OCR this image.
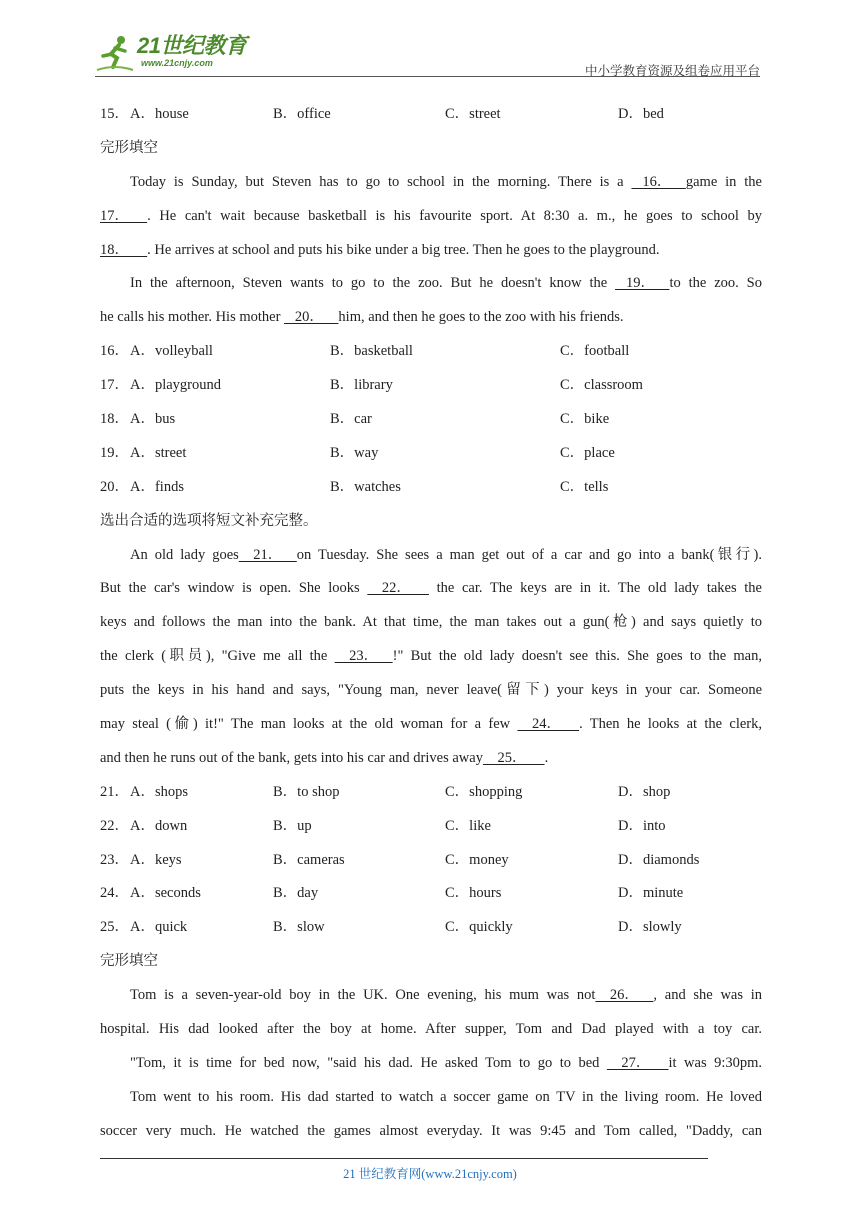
21世纪教育
www.21cnjy.com
中小学教育资源及组卷应用平台
15． A．house	B．office	C．street	D．bed
完形填空
Today is Sunday, but Steven has to go to school in the morning. There is a    16．    game in the
17．     . He can't wait because basketball is his favourite sport. At 8:30 a. m., he goes to school by
18．     . He arrives at school and puts his bike under a big tree. Then he goes to the playground.
In the afternoon, Steven wants to go to the zoo. But he doesn't know the    19．    to the zoo. So
he calls his mother. His mother    20．    him, and then he goes to the zoo with his friends.
16． A．volleyball	B．basketball	C．football
17． A．playground	B．library	C．classroom
18． A．bus	B．car	C．bike
19． A．street	B．way	C．place
20． A．finds	B．watches	C．tells
选出合适的选项将短文补充完整。
An old lady goes    21．    on Tuesday. She sees a man get out of a car and go into a bank(银行).
But the car's window is open. She looks     22．      the car. The keys are in it. The old lady takes the
keys and follows the man into the bank. At that time, the man takes out a gun(枪) and says quietly to
the clerk (职员), "Give me all the     23．    !" But the old lady doesn't see this. She goes to the man,
puts the keys in his hand and says, "Young man, never leave(留下) your keys in your car. Someone
may steal (偷) it!" The man looks at the old woman for a few     24．     . Then he looks at the clerk,
and then he runs out of the bank, gets into his car and drives away    25．     .
21． A．shops	B．to shop	C．shopping	D．shop
22． A．down	B．up	C．like	D．into
23． A．keys	B．cameras	C．money	D．diamonds
24． A．seconds	B．day	C．hours	D．minute
25． A．quick	B．slow	C．quickly	D．slowly
完形填空
Tom is a seven-year-old boy in the UK. One evening, his mum was not    26．    , and she was in
hospital. His dad looked after the boy at home. After supper, Tom and Dad played with a toy car.
"Tom, it is time for bed now, "said his dad. He asked Tom to go to bed     27．     it was 9:30pm.
Tom went to his room. His dad started to watch a soccer game on TV in the living room. He loved
soccer very much. He watched the games almost everyday. It was 9:45 and Tom called, "Daddy, can
21 世纪教育网(www.21cnjy.com)
